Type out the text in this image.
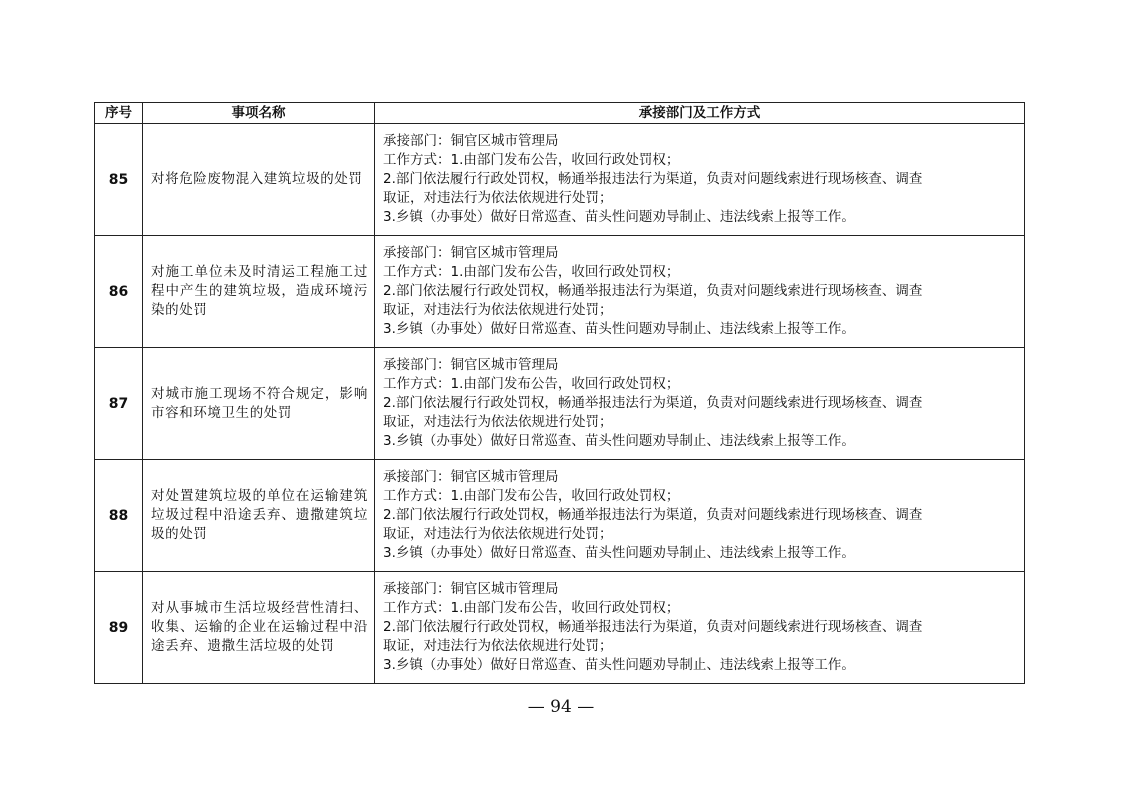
序号	事项名称	承接部门及工作方式
85	对将危险废物混入建筑垃圾的处罚	承接部门：铜官区城市管理局
工作方式：1.由部门发布公告，收回行政处罚权；
2.部门依法履行行政处罚权，畅通举报违法行为渠道，负责对问题线索进行现场核查、调查
取证，对违法行为依法依规进行处罚；
3.乡镇（办事处）做好日常巡查、苗头性问题劝导制止、违法线索上报等工作。

86	对施工单位未及时清运工程施工过程中产生的建筑垃圾，造成环境污染的处罚	承接部门：铜官区城市管理局
工作方式：1.由部门发布公告，收回行政处罚权；
2.部门依法履行行政处罚权，畅通举报违法行为渠道，负责对问题线索进行现场核查、调查
取证，对违法行为依法依规进行处罚；
3.乡镇（办事处）做好日常巡查、苗头性问题劝导制止、违法线索上报等工作。

87	对城市施工现场不符合规定，影响市容和环境卫生的处罚	承接部门：铜官区城市管理局
工作方式：1.由部门发布公告，收回行政处罚权；
2.部门依法履行行政处罚权，畅通举报违法行为渠道，负责对问题线索进行现场核查、调查
取证，对违法行为依法依规进行处罚；
3.乡镇（办事处）做好日常巡查、苗头性问题劝导制止、违法线索上报等工作。

88	对处置建筑垃圾的单位在运输建筑垃圾过程中沿途丢弃、遗撒建筑垃圾的处罚	承接部门：铜官区城市管理局
工作方式：1.由部门发布公告，收回行政处罚权；
2.部门依法履行行政处罚权，畅通举报违法行为渠道，负责对问题线索进行现场核查、调查
取证，对违法行为依法依规进行处罚；
3.乡镇（办事处）做好日常巡查、苗头性问题劝导制止、违法线索上报等工作。

89	对从事城市生活垃圾经营性清扫、收集、运输的企业在运输过程中沿途丢弃、遗撒生活垃圾的处罚	承接部门：铜官区城市管理局
工作方式：1.由部门发布公告，收回行政处罚权；
2.部门依法履行行政处罚权，畅通举报违法行为渠道，负责对问题线索进行现场核查、调查
取证，对违法行为依法依规进行处罚；
3.乡镇（办事处）做好日常巡查、苗头性问题劝导制止、违法线索上报等工作。
— 94 —
